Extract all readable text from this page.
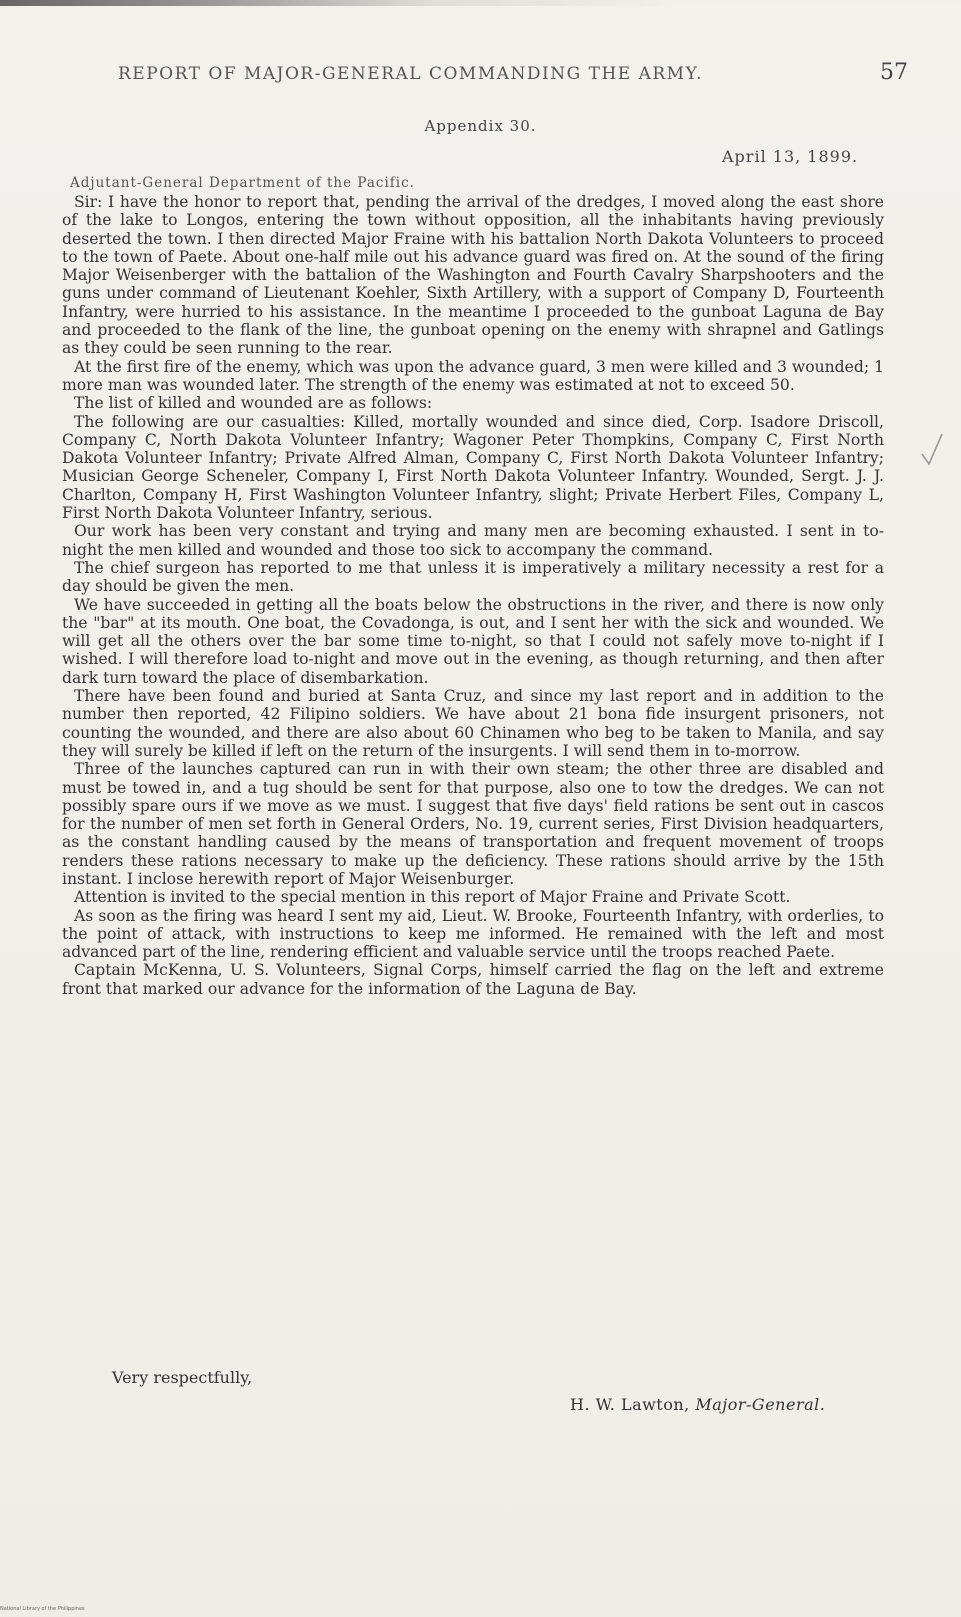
REPORT OF MAJOR-GENERAL COMMANDING THE ARMY.	57
Appendix 30.
April 13, 1899.
Adjutant-General Department of the Pacific.

Sir: I have the honor to report that, pending the arrival of the dredges, I moved along the east shore of the lake to Longos, entering the town without opposition, all the inhabitants having previously deserted the town. I then directed Major Fraine with his battalion North Dakota Volunteers to proceed to the town of Paete. About one-half mile out his advance guard was fired on. At the sound of the firing Major Weisenberger with the battalion of the Washington and Fourth Cavalry Sharpshooters and the guns under command of Lieutenant Koehler, Sixth Artillery, with a support of Company D, Fourteenth Infantry, were hurried to his assistance. In the meantime I proceeded to the gunboat Laguna de Bay and proceeded to the flank of the line, the gunboat opening on the enemy with shrapnel and Gatlings as they could be seen running to the rear.

At the first fire of the enemy, which was upon the advance guard, 3 men were killed and 3 wounded; 1 more man was wounded later. The strength of the enemy was estimated at not to exceed 50.

The list of killed and wounded are as follows:

The following are our casualties: Killed, mortally wounded and since died, Corp. Isadore Driscoll, Company C, North Dakota Volunteer Infantry; Wagoner Peter Thompkins, Company C, First North Dakota Volunteer Infantry; Private Alfred Alman, Company C, First North Dakota Volunteer Infantry; Musician George Scheneler, Company I, First North Dakota Volunteer Infantry. Wounded, Sergt. J. J. Charlton, Company H, First Washington Volunteer Infantry, slight; Private Herbert Files, Company L, First North Dakota Volunteer Infantry, serious.

Our work has been very constant and trying and many men are becoming exhausted. I sent in to-night the men killed and wounded and those too sick to accompany the command.

The chief surgeon has reported to me that unless it is imperatively a military necessity a rest for a day should be given the men.

We have succeeded in getting all the boats below the obstructions in the river, and there is now only the "bar" at its mouth. One boat, the Covadonga, is out, and I sent her with the sick and wounded. We will get all the others over the bar some time to-night, so that I could not safely move to-night if I wished. I will therefore load to-night and move out in the evening, as though returning, and then after dark turn toward the place of disembarkation.

There have been found and buried at Santa Cruz, and since my last report and in addition to the number then reported, 42 Filipino soldiers. We have about 21 bona fide insurgent prisoners, not counting the wounded, and there are also about 60 Chinamen who beg to be taken to Manila, and say they will surely be killed if left on the return of the insurgents. I will send them in to-morrow.

Three of the launches captured can run in with their own steam; the other three are disabled and must be towed in, and a tug should be sent for that purpose, also one to tow the dredges. We can not possibly spare ours if we move as we must. I suggest that five days' field rations be sent out in cascos for the number of men set forth in General Orders, No. 19, current series, First Division headquarters, as the constant handling caused by the means of transportation and frequent movement of troops renders these rations necessary to make up the deficiency. These rations should arrive by the 15th instant. I inclose herewith report of Major Weisenburger.

Attention is invited to the special mention in this report of Major Fraine and Private Scott.

As soon as the firing was heard I sent my aid, Lieut. W. Brooke, Fourteenth Infantry, with orderlies, to the point of attack, with instructions to keep me informed. He remained with the left and most advanced part of the line, rendering efficient and valuable service until the troops reached Paete.

Captain McKenna, U. S. Volunteers, Signal Corps, himself carried the flag on the left and extreme front that marked our advance for the information of the Laguna de Bay.

Very respectfully,
H. W. Lawton, Major-General.
National Library of the Philippines
